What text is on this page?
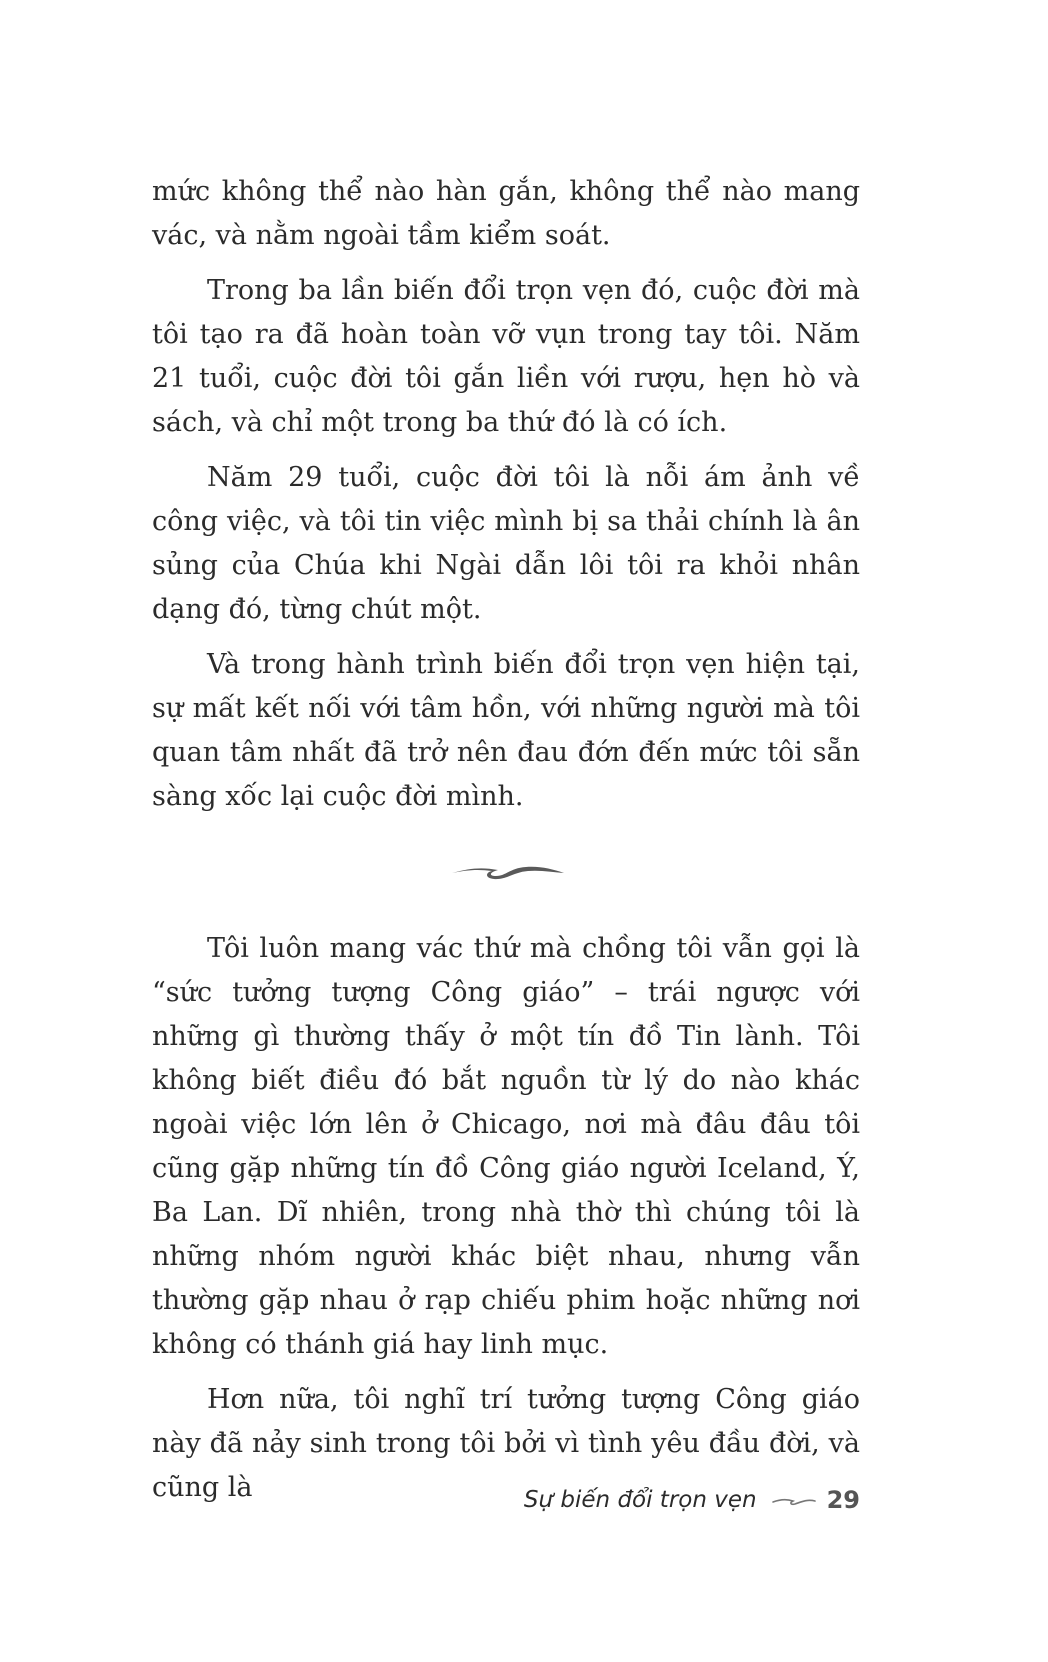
mức không thể nào hàn gắn, không thể nào mang vác, và nằm ngoài tầm kiểm soát.

Trong ba lần biến đổi trọn vẹn đó, cuộc đời mà tôi tạo ra đã hoàn toàn vỡ vụn trong tay tôi. Năm 21 tuổi, cuộc đời tôi gắn liền với rượu, hẹn hò và sách, và chỉ một trong ba thứ đó là có ích.

Năm 29 tuổi, cuộc đời tôi là nỗi ám ảnh về công việc, và tôi tin việc mình bị sa thải chính là ân sủng của Chúa khi Ngài dẫn lôi tôi ra khỏi nhân dạng đó, từng chút một.

Và trong hành trình biến đổi trọn vẹn hiện tại, sự mất kết nối với tâm hồn, với những người mà tôi quan tâm nhất đã trở nên đau đớn đến mức tôi sẵn sàng xốc lại cuộc đời mình.

Tôi luôn mang vác thứ mà chồng tôi vẫn gọi là “sức tưởng tượng Công giáo” – trái ngược với những gì thường thấy ở một tín đồ Tin lành. Tôi không biết điều đó bắt nguồn từ lý do nào khác ngoài việc lớn lên ở Chicago, nơi mà đâu đâu tôi cũng gặp những tín đồ Công giáo người Iceland, Ý, Ba Lan. Dĩ nhiên, trong nhà thờ thì chúng tôi là những nhóm người khác biệt nhau, nhưng vẫn thường gặp nhau ở rạp chiếu phim hoặc những nơi không có thánh giá hay linh mục.

Hơn nữa, tôi nghĩ trí tưởng tượng Công giáo này đã nảy sinh trong tôi bởi vì tình yêu đầu đời, và cũng là	Sự biến đổi trọn vẹn	29
